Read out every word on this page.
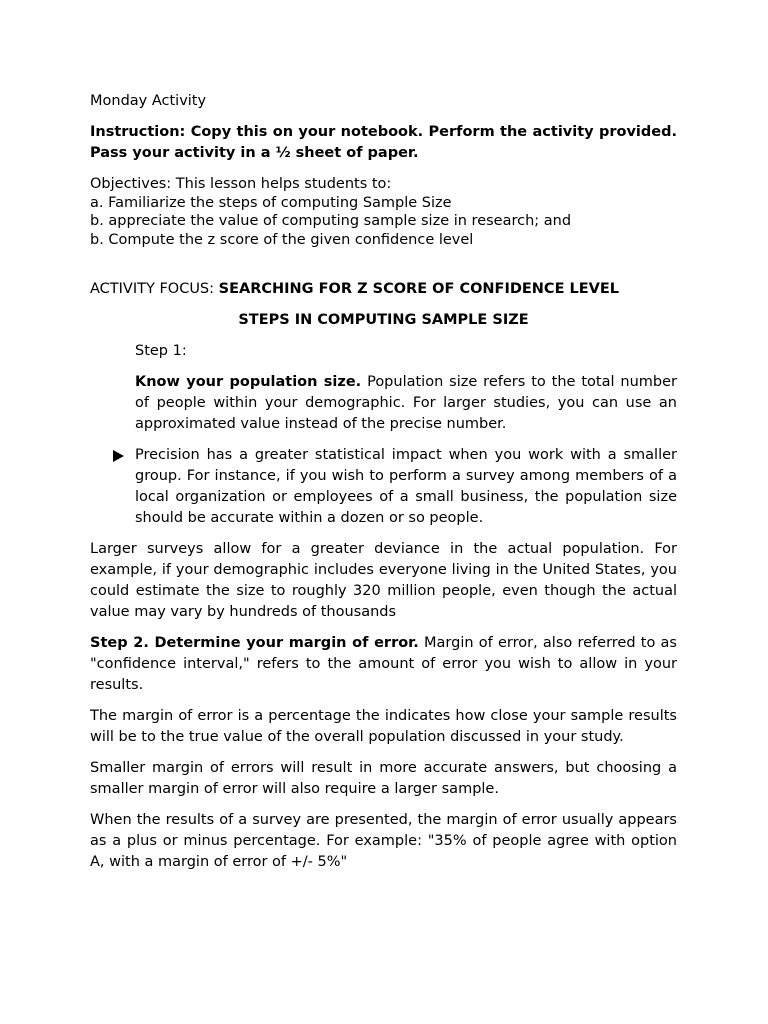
Monday Activity

Instruction: Copy this on your notebook. Perform the activity provided. Pass your activity in a ½ sheet of paper.

Objectives: This lesson helps students to:

a. Familiarize the steps of computing Sample Size

b. appreciate the value of computing sample size in research; and

b. Compute the z score of the given confidence level

ACTIVITY FOCUS: SEARCHING FOR Z SCORE OF CONFIDENCE LEVEL

STEPS IN COMPUTING SAMPLE SIZE

Step 1:

Know your population size. Population size refers to the total number of people within your demographic. For larger studies, you can use an approximated value instead of the precise number.

Precision has a greater statistical impact when you work with a smaller group. For instance, if you wish to perform a survey among members of a local organization or employees of a small business, the population size should be accurate within a dozen or so people.

Larger surveys allow for a greater deviance in the actual population. For example, if your demographic includes everyone living in the United States, you could estimate the size to roughly 320 million people, even though the actual value may vary by hundreds of thousands

Step 2. Determine your margin of error. Margin of error, also referred to as "confidence interval," refers to the amount of error you wish to allow in your results.

The margin of error is a percentage the indicates how close your sample results will be to the true value of the overall population discussed in your study.

Smaller margin of errors will result in more accurate answers, but choosing a smaller margin of error will also require a larger sample.

When the results of a survey are presented, the margin of error usually appears as a plus or minus percentage. For example: "35% of people agree with option A, with a margin of error of +/- 5%"
